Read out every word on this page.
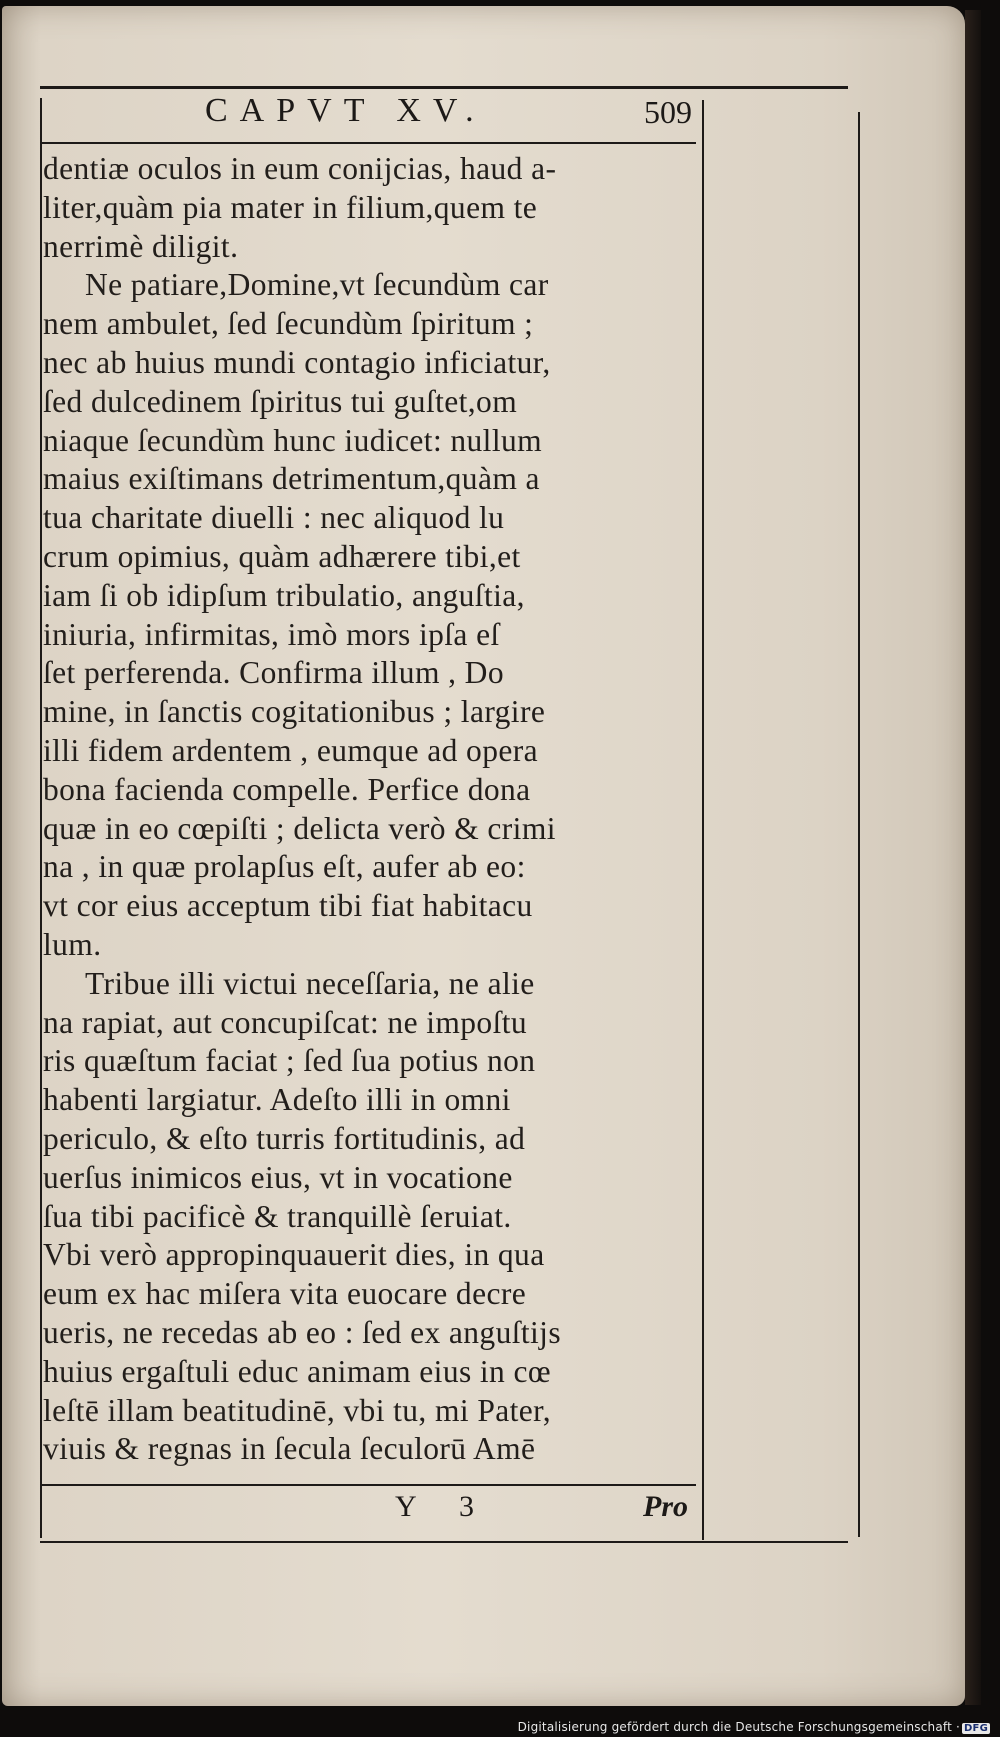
CAPVT XV.	509
dentiæ oculos in eum conijcias, haud a-
liter,quàm pia mater in filium,quem te
nerrimè diligit.
Ne patiare,Domine,vt ſecundùm car
nem ambulet, ſed ſecundùm ſpiritum ;
nec ab huius mundi contagio inficiatur,
ſed dulcedinem ſpiritus tui guſtet,om
niaque ſecundùm hunc iudicet: nullum
maius exiſtimans detrimentum,quàm a
tua charitate diuelli : nec aliquod lu
crum opimius, quàm adhærere tibi,et
iam ſi ob idipſum tribulatio, anguſtia,
iniuria, infirmitas, imò mors ipſa eſ
ſet perferenda. Confirma illum , Do
mine, in ſanctis cogitationibus ; largire
illi fidem ardentem , eumque ad opera
bona facienda compelle. Perfice dona
quæ in eo cœpiſti ; delicta verò & crimi
na , in quæ prolapſus eſt, aufer ab eo:
vt cor eius acceptum tibi fiat habitacu
lum.
Tribue illi victui neceſſaria, ne alie
na rapiat, aut concupiſcat: ne impoſtu
ris quæſtum faciat ; ſed ſua potius non
habenti largiatur. Adeſto illi in omni
periculo, & eſto turris fortitudinis, ad
uerſus inimicos eius, vt in vocatione
ſua tibi pacificè & tranquillè ſeruiat.
Vbi verò appropinquauerit dies, in qua
eum ex hac miſera vita euocare decre
ueris, ne recedas ab eo : ſed ex anguſtijs
huius ergaſtuli educ animam eius in cœ
leſtē illam beatitudinē, vbi tu, mi Pater,
viuis & regnas in ſecula ſeculorū Amē
Y 3	Pro
Digitalisierung gefördert durch die Deutsche Forschungsgemeinschaft · DFG
